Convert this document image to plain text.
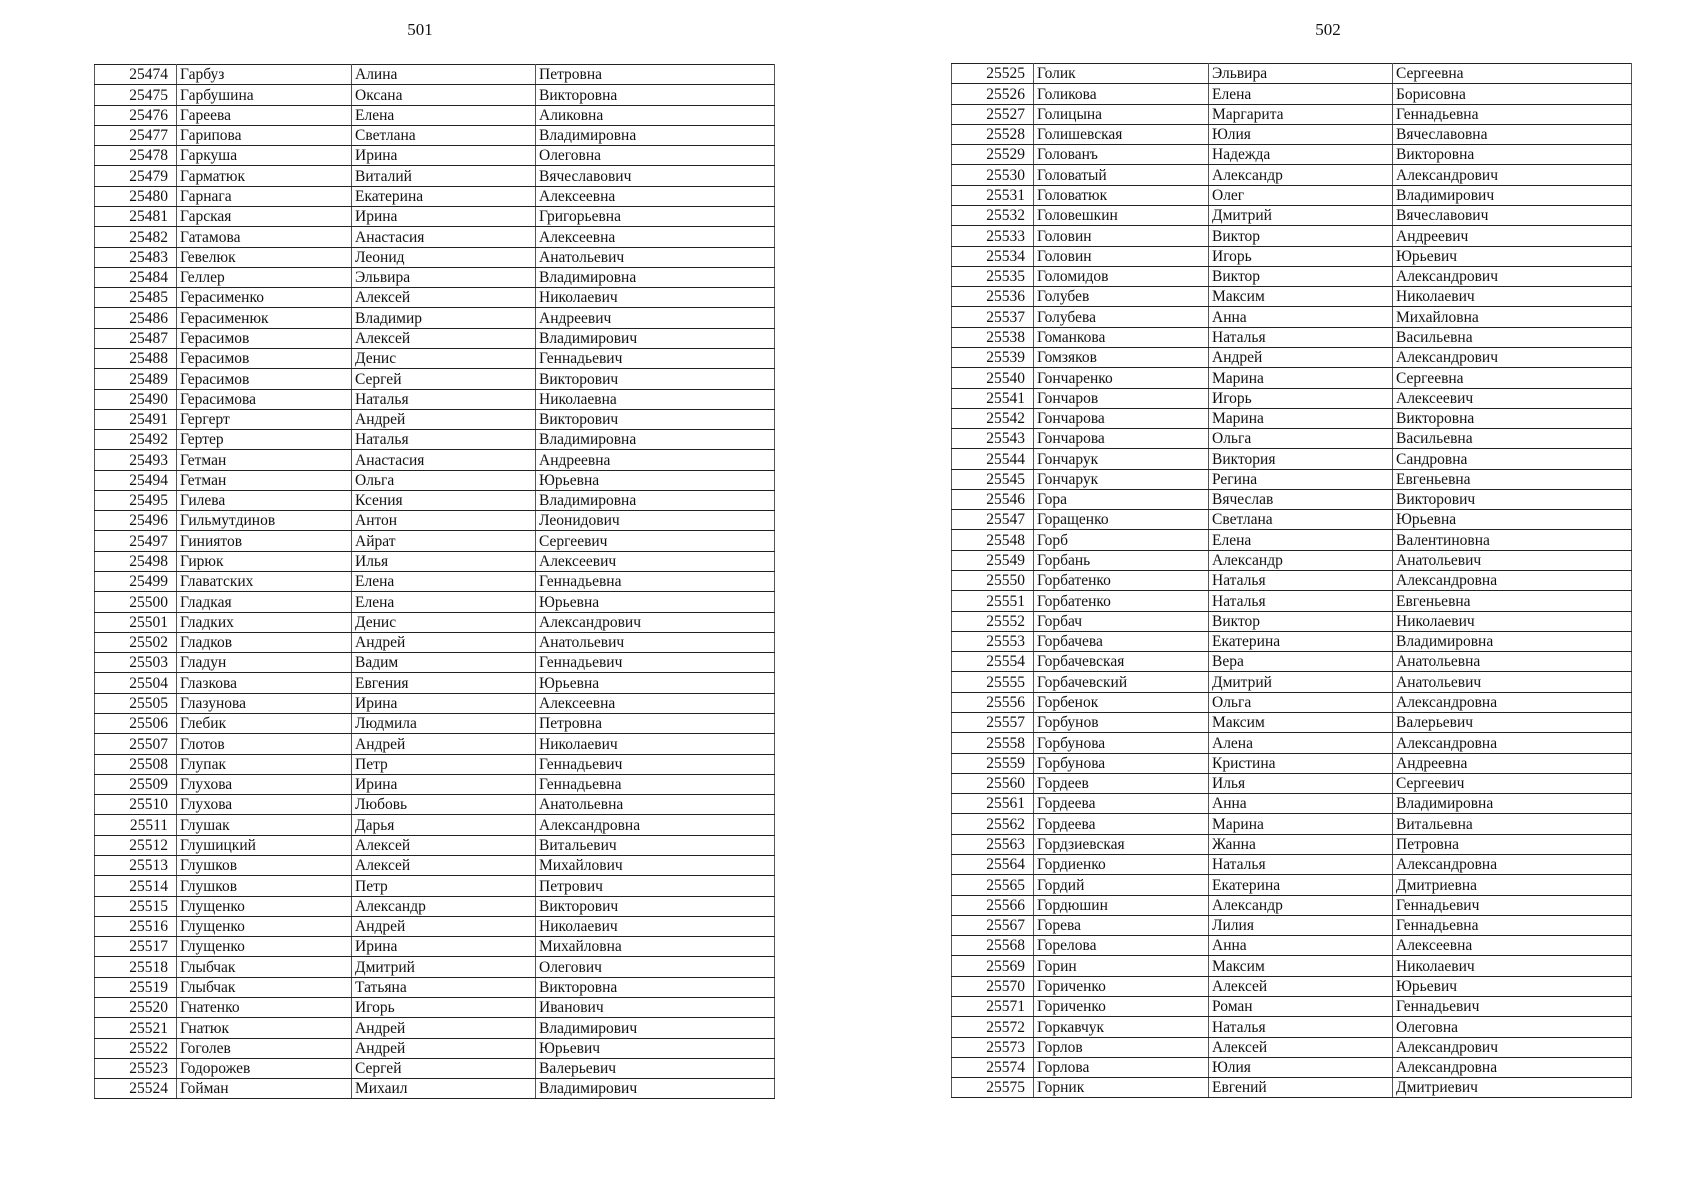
501
25474	Гарбуз	Алина	Петровна
25475	Гарбушина	Оксана	Викторовна
25476	Гареева	Елена	Аликовна
25477	Гарипова	Светлана	Владимировна
25478	Гаркуша	Ирина	Олеговна
25479	Гарматюк	Виталий	Вячеславович
25480	Гарнага	Екатерина	Алексеевна
25481	Гарская	Ирина	Григорьевна
25482	Гатамова	Анастасия	Алексеевна
25483	Гевелюк	Леонид	Анатольевич
25484	Геллер	Эльвира	Владимировна
25485	Герасименко	Алексей	Николаевич
25486	Герасименюк	Владимир	Андреевич
25487	Герасимов	Алексей	Владимирович
25488	Герасимов	Денис	Геннадьевич
25489	Герасимов	Сергей	Викторович
25490	Герасимова	Наталья	Николаевна
25491	Гергерт	Андрей	Викторович
25492	Гертер	Наталья	Владимировна
25493	Гетман	Анастасия	Андреевна
25494	Гетман	Ольга	Юрьевна
25495	Гилева	Ксения	Владимировна
25496	Гильмутдинов	Антон	Леонидович
25497	Гиниятов	Айрат	Сергеевич
25498	Гирюк	Илья	Алексеевич
25499	Главатских	Елена	Геннадьевна
25500	Гладкая	Елена	Юрьевна
25501	Гладких	Денис	Александрович
25502	Гладков	Андрей	Анатольевич
25503	Гладун	Вадим	Геннадьевич
25504	Глазкова	Евгения	Юрьевна
25505	Глазунова	Ирина	Алексеевна
25506	Глебик	Людмила	Петровна
25507	Глотов	Андрей	Николаевич
25508	Глупак	Петр	Геннадьевич
25509	Глухова	Ирина	Геннадьевна
25510	Глухова	Любовь	Анатольевна
25511	Глушак	Дарья	Александровна
25512	Глушицкий	Алексей	Витальевич
25513	Глушков	Алексей	Михайлович
25514	Глушков	Петр	Петрович
25515	Глущенко	Александр	Викторович
25516	Глущенко	Андрей	Николаевич
25517	Глущенко	Ирина	Михайловна
25518	Глыбчак	Дмитрий	Олегович
25519	Глыбчак	Татьяна	Викторовна
25520	Гнатенко	Игорь	Иванович
25521	Гнатюк	Андрей	Владимирович
25522	Гоголев	Андрей	Юрьевич
25523	Годорожев	Сергей	Валерьевич
25524	Гойман	Михаил	Владимирович
502
25525	Голик	Эльвира	Сергеевна
25526	Голикова	Елена	Борисовна
25527	Голицына	Маргарита	Геннадьевна
25528	Голишевская	Юлия	Вячеславовна
25529	Голованъ	Надежда	Викторовна
25530	Головатый	Александр	Александрович
25531	Головатюк	Олег	Владимирович
25532	Головешкин	Дмитрий	Вячеславович
25533	Головин	Виктор	Андреевич
25534	Головин	Игорь	Юрьевич
25535	Голомидов	Виктор	Александрович
25536	Голубев	Максим	Николаевич
25537	Голубева	Анна	Михайловна
25538	Гоманкова	Наталья	Васильевна
25539	Гомзяков	Андрей	Александрович
25540	Гончаренко	Марина	Сергеевна
25541	Гончаров	Игорь	Алексеевич
25542	Гончарова	Марина	Викторовна
25543	Гончарова	Ольга	Васильевна
25544	Гончарук	Виктория	Сандровна
25545	Гончарук	Регина	Евгеньевна
25546	Гора	Вячеслав	Викторович
25547	Горащенко	Светлана	Юрьевна
25548	Горб	Елена	Валентиновна
25549	Горбань	Александр	Анатольевич
25550	Горбатенко	Наталья	Александровна
25551	Горбатенко	Наталья	Евгеньевна
25552	Горбач	Виктор	Николаевич
25553	Горбачева	Екатерина	Владимировна
25554	Горбачевская	Вера	Анатольевна
25555	Горбачевский	Дмитрий	Анатольевич
25556	Горбенок	Ольга	Александровна
25557	Горбунов	Максим	Валерьевич
25558	Горбунова	Алена	Александровна
25559	Горбунова	Кристина	Андреевна
25560	Гордеев	Илья	Сергеевич
25561	Гордеева	Анна	Владимировна
25562	Гордеева	Марина	Витальевна
25563	Гордзиевская	Жанна	Петровна
25564	Гордиенко	Наталья	Александровна
25565	Гордий	Екатерина	Дмитриевна
25566	Гордюшин	Александр	Геннадьевич
25567	Горева	Лилия	Геннадьевна
25568	Горелова	Анна	Алексеевна
25569	Горин	Максим	Николаевич
25570	Гориченко	Алексей	Юрьевич
25571	Гориченко	Роман	Геннадьевич
25572	Горкавчук	Наталья	Олеговна
25573	Горлов	Алексей	Александрович
25574	Горлова	Юлия	Александровна
25575	Горник	Евгений	Дмитриевич
